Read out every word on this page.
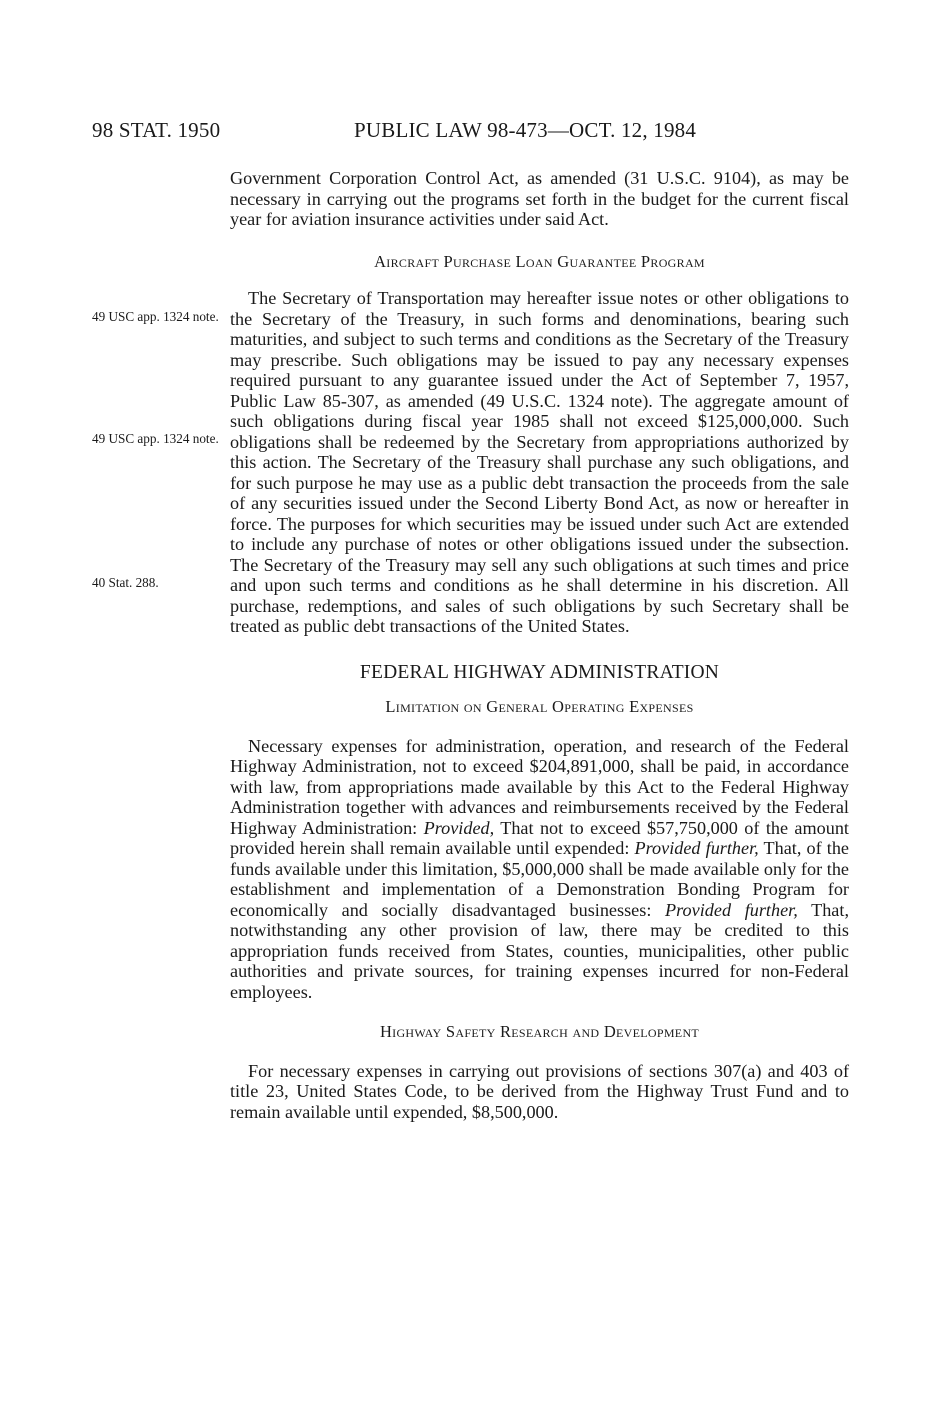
98 STAT. 1950	PUBLIC LAW 98-473—OCT. 12, 1984
49 USC app. 1324 note.
49 USC app. 1324 note.
40 Stat. 288.

Government Corporation Control Act, as amended (31 U.S.C. 9104), as may be necessary in carrying out the programs set forth in the budget for the current fiscal year for aviation insurance activities under said Act.

Aircraft Purchase Loan Guarantee Program

The Secretary of Transportation may hereafter issue notes or other obligations to the Secretary of the Treasury, in such forms and denominations, bearing such maturities, and subject to such terms and conditions as the Secretary of the Treasury may prescribe. Such obligations may be issued to pay any necessary expenses required pursuant to any guarantee issued under the Act of September 7, 1957, Public Law 85-307, as amended (49 U.S.C. 1324 note). The aggregate amount of such obligations during fiscal year 1985 shall not exceed $125,000,000. Such obligations shall be redeemed by the Secretary from appropriations authorized by this action. The Secretary of the Treasury shall purchase any such obligations, and for such purpose he may use as a public debt transaction the proceeds from the sale of any securities issued under the Second Liberty Bond Act, as now or hereafter in force. The purposes for which securities may be issued under such Act are extended to include any purchase of notes or other obligations issued under the subsection. The Secretary of the Treasury may sell any such obligations at such times and price and upon such terms and conditions as he shall determine in his discretion. All purchase, redemptions, and sales of such obligations by such Secretary shall be treated as public debt transactions of the United States.

FEDERAL HIGHWAY ADMINISTRATION

Limitation on General Operating Expenses

Necessary expenses for administration, operation, and research of the Federal Highway Administration, not to exceed $204,891,000, shall be paid, in accordance with law, from appropriations made available by this Act to the Federal Highway Administration together with advances and reimbursements received by the Federal Highway Administration: Provided, That not to exceed $57,750,000 of the amount provided herein shall remain available until expended: Provided further, That, of the funds available under this limitation, $5,000,000 shall be made available only for the establishment and implementation of a Demonstration Bonding Program for economically and socially disadvantaged businesses: Provided further, That, notwithstanding any other provision of law, there may be credited to this appropriation funds received from States, counties, municipalities, other public authorities and private sources, for training expenses incurred for non-Federal employees.

Highway Safety Research and Development

For necessary expenses in carrying out provisions of sections 307(a) and 403 of title 23, United States Code, to be derived from the Highway Trust Fund and to remain available until expended, $8,500,000.
